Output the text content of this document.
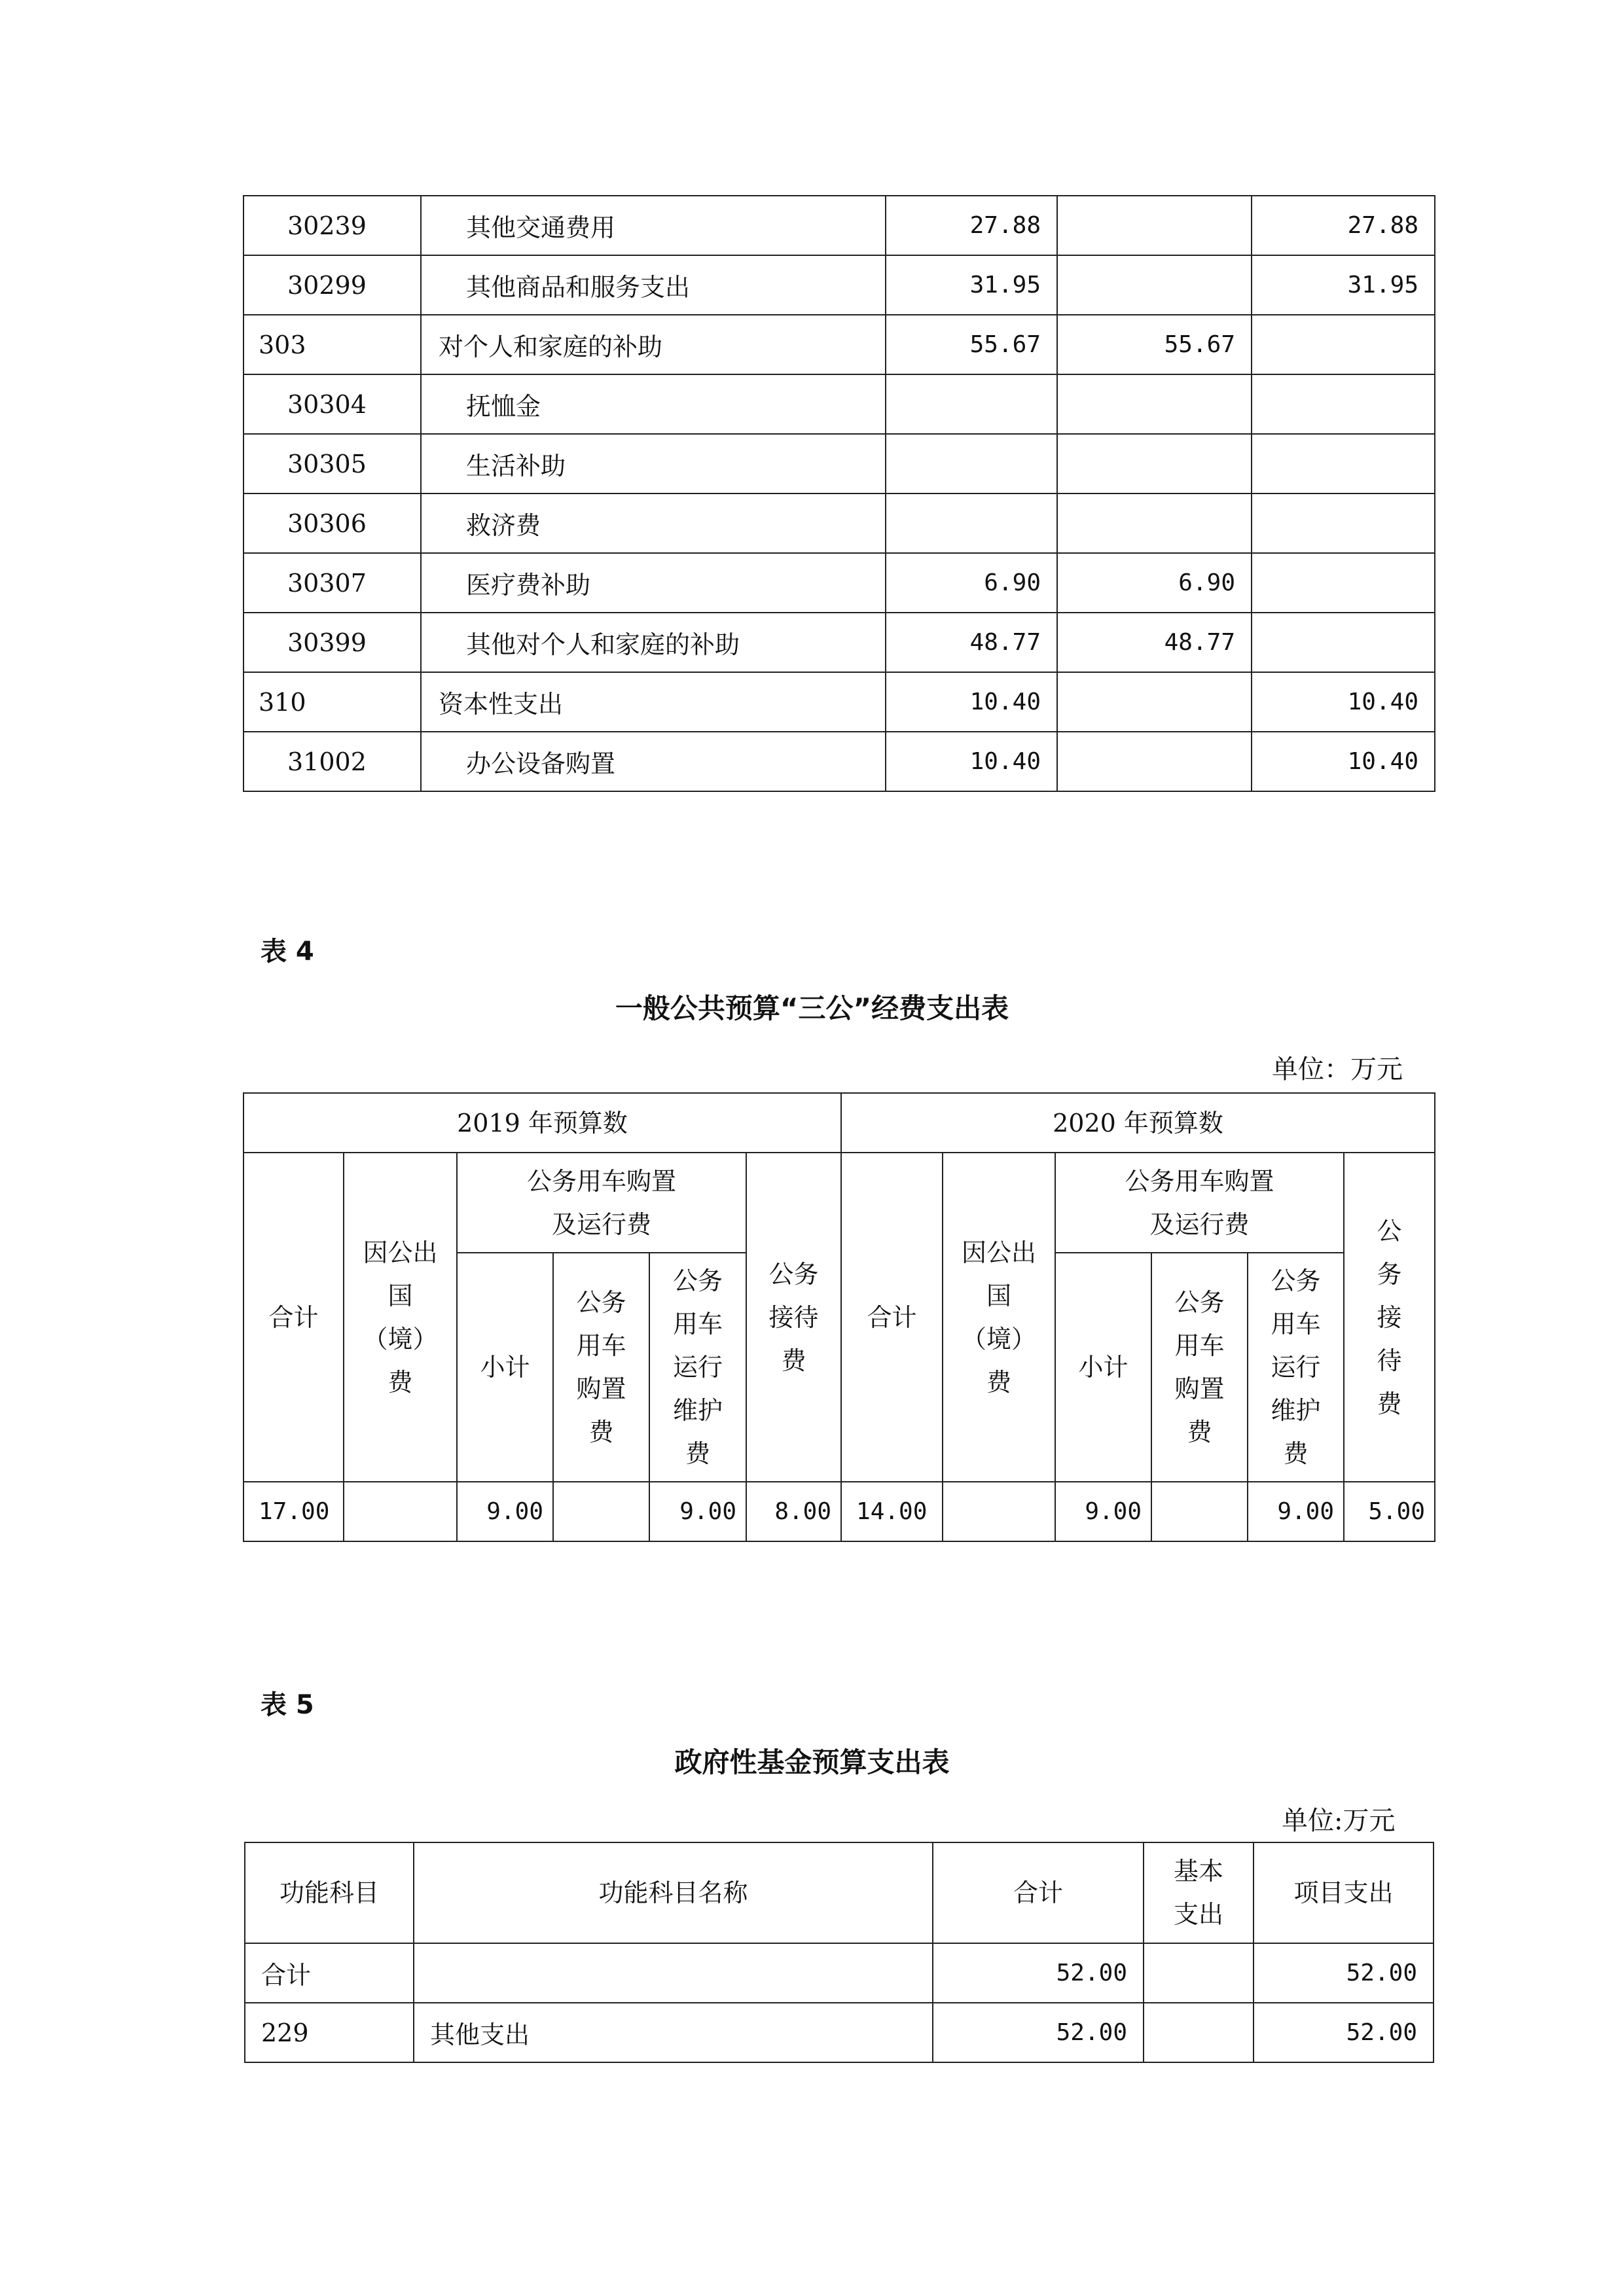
30239	其他交通费用	27.88		27.88
30299	其他商品和服务支出	31.95		31.95
303	对个人和家庭的补助	55.67	55.67	
30304	抚恤金			
30305	生活补助			
30306	救济费			
30307	医疗费补助	6.90	6.90	
30399	其他对个人和家庭的补助	48.77	48.77	
310	资本性支出	10.40		10.40
31002	办公设备购置	10.40		10.40
表 4
一般公共预算“三公”经费支出表
单位：万元
2019 年预算数						2020 年预算数					
合计	因公出国（境）费	公务用车购置及运行费			公务接待费	合计	因公出国（境）费	公务用车购置及运行费			公务接待费
		小计	公务用车购置费	公务用车运行维护费				小计	公务用车购置费	公务用车运行维护费	
17.00		9.00		9.00	8.00	14.00		9.00		9.00	5.00
表 5
政府性基金预算支出表
单位:万元
功能科目	功能科目名称	合计	基本支出	项目支出
合计		52.00		52.00
229	其他支出	52.00		52.00
